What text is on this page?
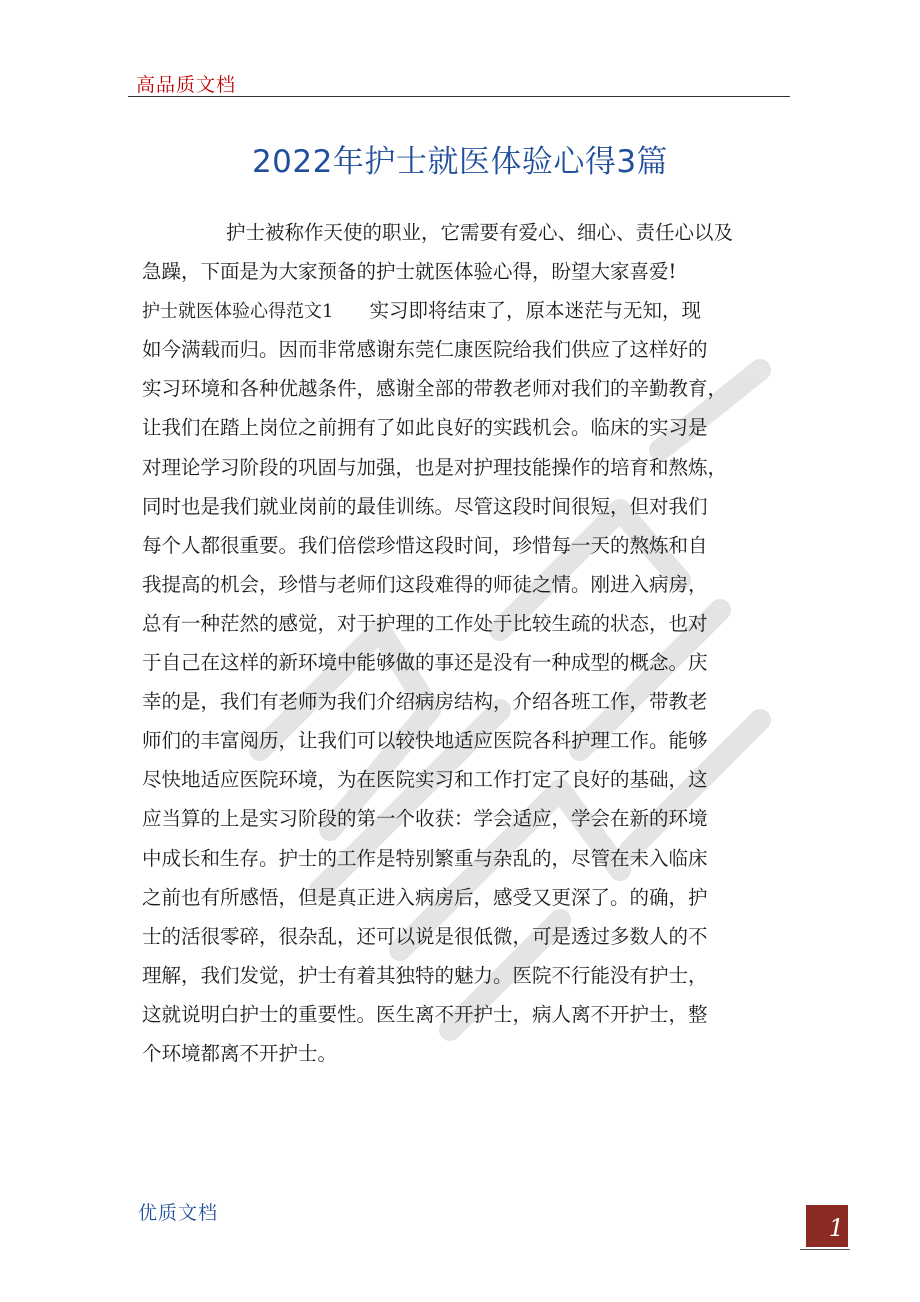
高品质文档
2022年护士就医体验心得3篇
护士被称作天使的职业，它需要有爱心、细心、责任心以及
急躁，下面是为大家预备的护士就医体验心得，盼望大家喜爱!
护士就医体验心得范文1 实习即将结束了，原本迷茫与无知，现
如今满载而归。因而非常感谢东莞仁康医院给我们供应了这样好的
实习环境和各种优越条件，感谢全部的带教老师对我们的辛勤教育，
让我们在踏上岗位之前拥有了如此良好的实践机会。临床的实习是
对理论学习阶段的巩固与加强，也是对护理技能操作的培育和熬炼，
同时也是我们就业岗前的最佳训练。尽管这段时间很短，但对我们
每个人都很重要。我们倍偿珍惜这段时间，珍惜每一天的熬炼和自
我提高的机会，珍惜与老师们这段难得的师徒之情。刚进入病房，
总有一种茫然的感觉，对于护理的工作处于比较生疏的状态，也对
于自己在这样的新环境中能够做的事还是没有一种成型的概念。庆
幸的是，我们有老师为我们介绍病房结构，介绍各班工作，带教老
师们的丰富阅历，让我们可以较快地适应医院各科护理工作。能够
尽快地适应医院环境，为在医院实习和工作打定了良好的基础，这
应当算的上是实习阶段的第一个收获：学会适应，学会在新的环境
中成长和生存。护士的工作是特别繁重与杂乱的，尽管在未入临床
之前也有所感悟，但是真正进入病房后，感受又更深了。的确，护
士的活很零碎，很杂乱，还可以说是很低微，可是透过多数人的不
理解，我们发觉，护士有着其独特的魅力。医院不行能没有护士，
这就说明白护士的重要性。医生离不开护士，病人离不开护士，整
个环境都离不开护士。
优质文档
1
